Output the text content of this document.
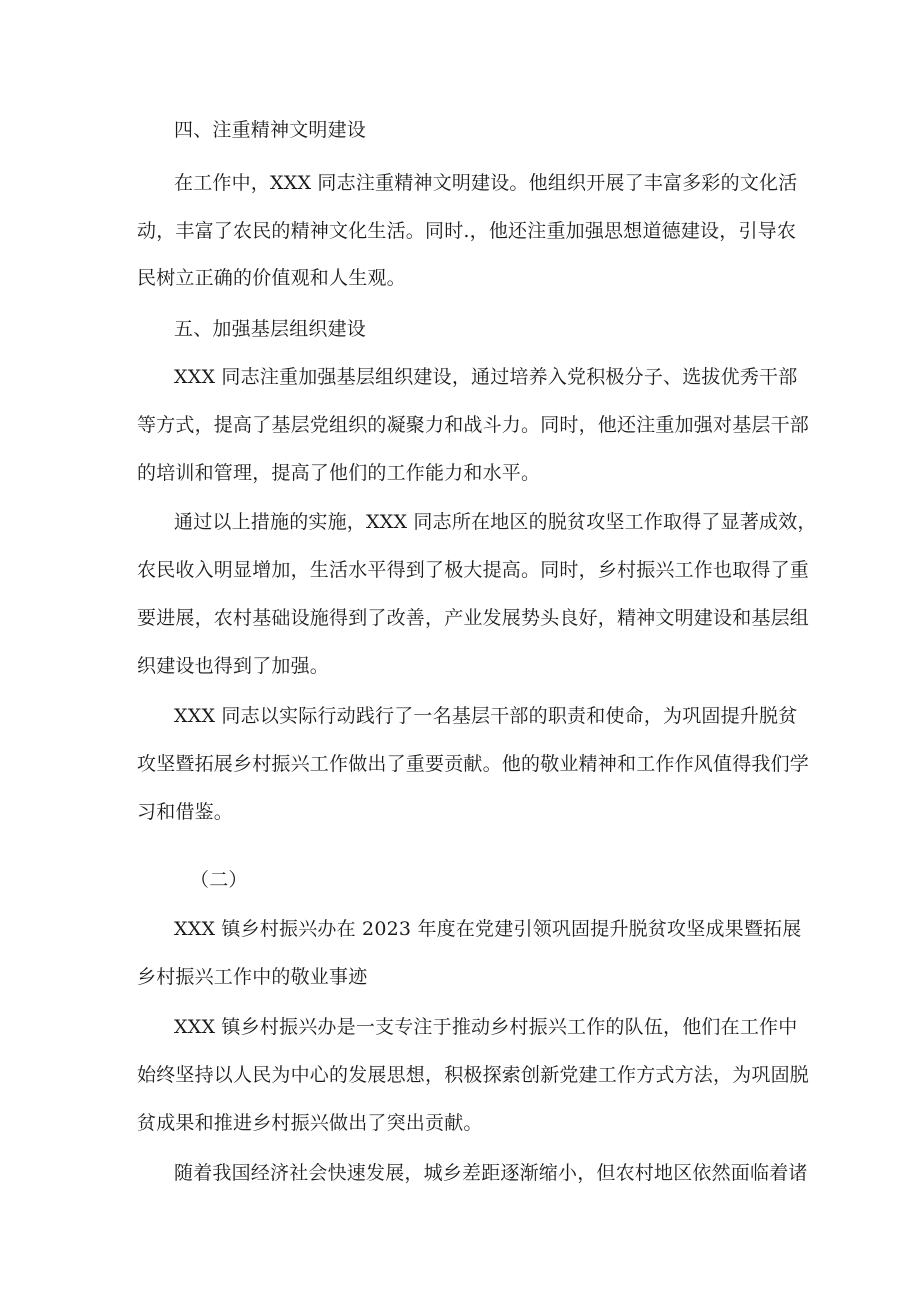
四、注重精神文明建设
在工作中，XXX 同志注重精神文明建设。他组织开展了丰富多彩的文化活
动，丰富了农民的精神文化生活。同时.，他还注重加强思想道德建设，引导农
民树立正确的价值观和人生观。
五、加强基层组织建设
XXX 同志注重加强基层组织建设，通过培养入党积极分子、选拔优秀干部
等方式，提高了基层党组织的凝聚力和战斗力。同时，他还注重加强对基层干部
的培训和管理，提高了他们的工作能力和水平。
通过以上措施的实施，XXX 同志所在地区的脱贫攻坚工作取得了显著成效，
农民收入明显增加，生活水平得到了极大提高。同时，乡村振兴工作也取得了重
要进展，农村基础设施得到了改善，产业发展势头良好，精神文明建设和基层组
织建设也得到了加强。
XXX 同志以实际行动践行了一名基层干部的职责和使命，为巩固提升脱贫
攻坚暨拓展乡村振兴工作做出了重要贡献。他的敬业精神和工作作风值得我们学
习和借鉴。
（二）
XXX 镇乡村振兴办在 2023 年度在党建引领巩固提升脱贫攻坚成果暨拓展
乡村振兴工作中的敬业事迹
XXX 镇乡村振兴办是一支专注于推动乡村振兴工作的队伍，他们在工作中
始终坚持以人民为中心的发展思想，积极探索创新党建工作方式方法，为巩固脱
贫成果和推进乡村振兴做出了突出贡献。
随着我国经济社会快速发展，城乡差距逐渐缩小，但农村地区依然面临着诸
